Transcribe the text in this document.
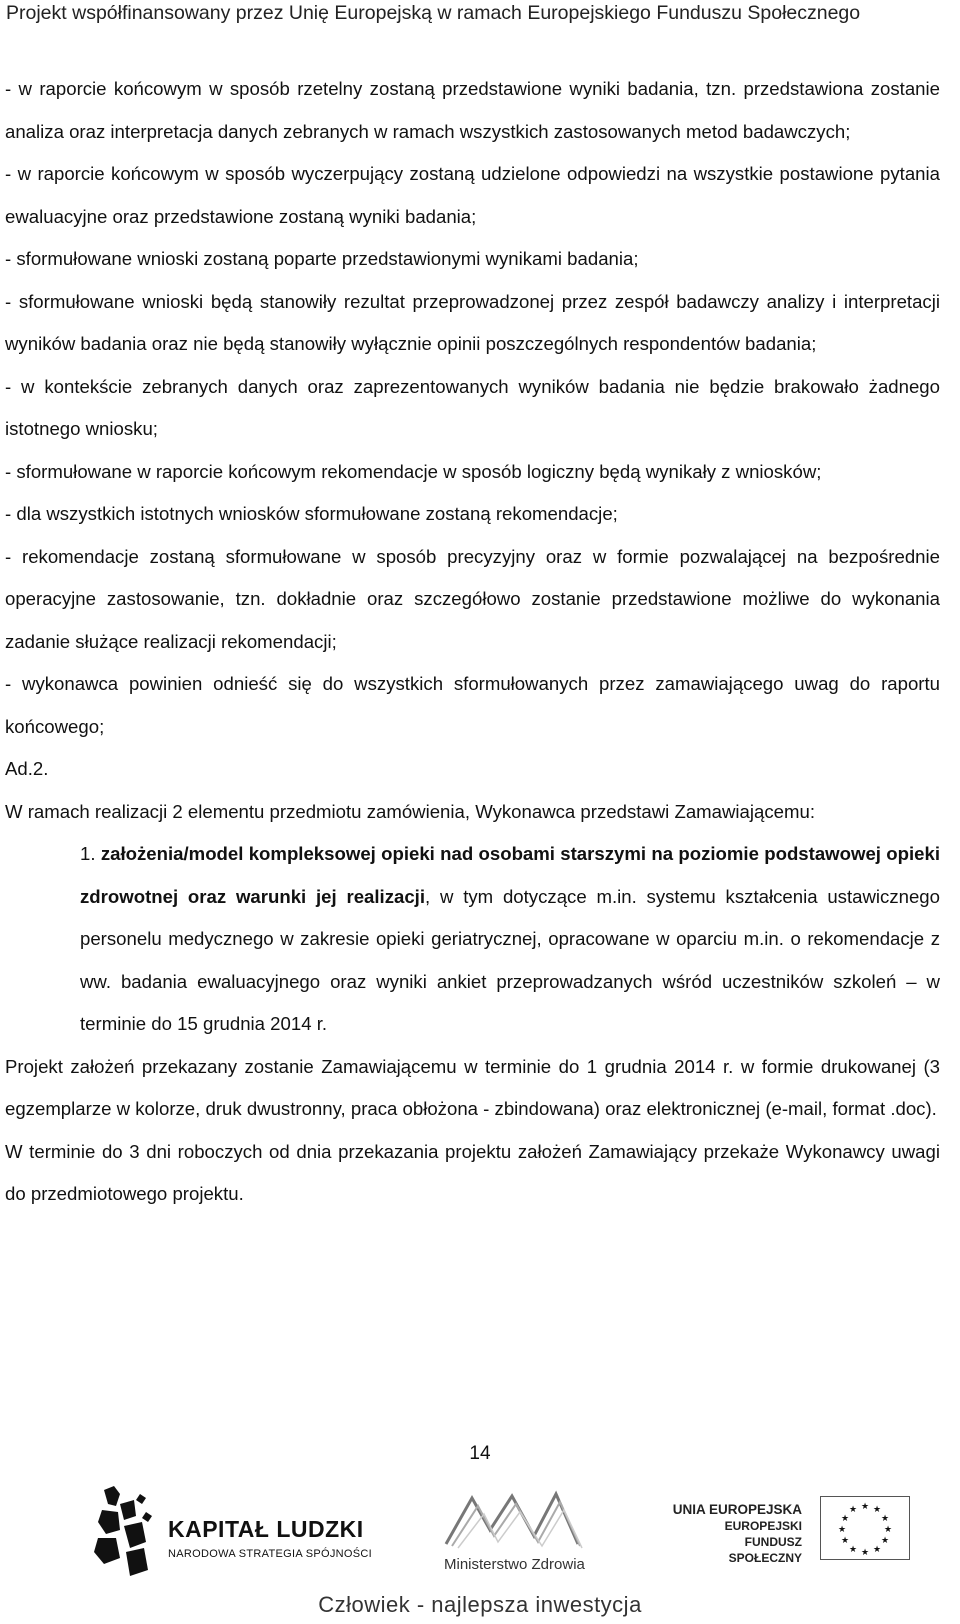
Projekt współfinansowany przez Unię Europejską w ramach Europejskiego Funduszu Społecznego

- w raporcie końcowym w sposób rzetelny zostaną przedstawione wyniki badania, tzn. przedstawiona zostanie analiza oraz interpretacja danych zebranych w ramach wszystkich zastosowanych metod badawczych;

- w raporcie końcowym w sposób wyczerpujący zostaną udzielone odpowiedzi na wszystkie postawione pytania ewaluacyjne oraz przedstawione zostaną wyniki badania;

- sformułowane wnioski zostaną poparte przedstawionymi wynikami badania;

- sformułowane wnioski będą stanowiły rezultat przeprowadzonej przez zespół badawczy analizy i interpretacji wyników badania oraz nie będą stanowiły wyłącznie opinii poszczególnych respondentów badania;

- w kontekście zebranych danych oraz zaprezentowanych wyników badania nie będzie brakowało żadnego istotnego wniosku;

- sformułowane w raporcie końcowym rekomendacje w sposób logiczny będą wynikały z wniosków;

- dla wszystkich istotnych wniosków sformułowane zostaną rekomendacje;

- rekomendacje zostaną sformułowane w sposób precyzyjny oraz w formie pozwalającej na bezpośrednie operacyjne zastosowanie, tzn. dokładnie oraz szczegółowo zostanie przedstawione możliwe do wykonania zadanie służące realizacji rekomendacji;

- wykonawca powinien odnieść się do wszystkich sformułowanych przez zamawiającego uwag do raportu końcowego;

Ad.2.

W ramach realizacji 2 elementu przedmiotu zamówienia, Wykonawca przedstawi Zamawiającemu:

1. założenia/model kompleksowej opieki nad osobami starszymi na poziomie podstawowej opieki zdrowotnej oraz warunki jej realizacji, w tym dotyczące m.in. systemu kształcenia ustawicznego personelu medycznego w zakresie opieki geriatrycznej, opracowane w oparciu m.in. o rekomendacje z ww. badania ewaluacyjnego oraz wyniki ankiet przeprowadzanych wśród uczestników szkoleń – w terminie do 15 grudnia 2014 r.

Projekt założeń przekazany zostanie Zamawiającemu w terminie do 1 grudnia 2014 r. w formie drukowanej (3 egzemplarze w kolorze, druk dwustronny, praca obłożona - zbindowana) oraz elektronicznej (e-mail, format .doc).

W terminie do 3 dni roboczych od dnia przekazania projektu założeń Zamawiający przekaże Wykonawcy uwagi do przedmiotowego projektu.

14
KAPITAŁ LUDZKI
NARODOWA STRATEGIA SPÓJNOŚCI
Ministerstwo Zdrowia
UNIA EUROPEJSKA
EUROPEJSKI
FUNDUSZ SPOŁECZNY
★ ★
★
★
★
★
★
★
★
★
★
★
Człowiek - najlepsza inwestycja
